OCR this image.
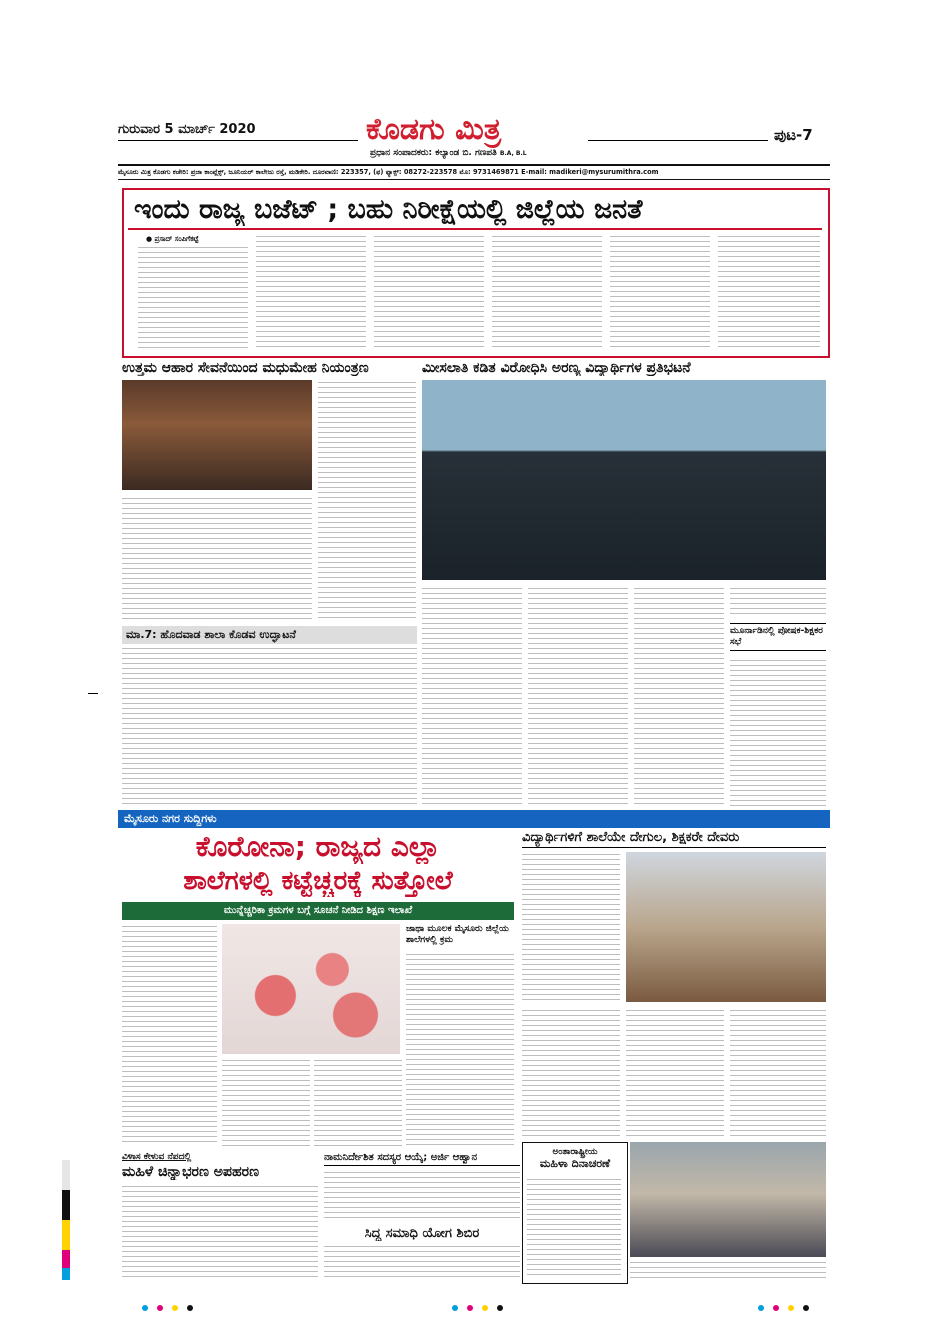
ಗುರುವಾರ 5 ಮಾರ್ಚ್ 2020	ಕೊಡಗು ಮಿತ್ರ	ಪುಟ-7
ಪ್ರಧಾನ ಸಂಪಾದಕರು: ಕಲ್ಯಾಂಡ ಬಿ. ಗಣಪತಿ B.A, B.L
ಮೈಸೂರು ಮಿತ್ರ ಕೊಡಗು ಕಚೇರಿ: ಪ್ರಜಾ ಕಾಂಪ್ಲೆಕ್ಸ್, ಜೂನಿಯರ್ ಕಾಲೇಜು ರಸ್ತೆ, ಮಡಿಕೇರಿ. ದೂರವಾಣಿ: 223357, (ಫ) ಫ್ಯಾಕ್ಸ್: 08272-223578 ಮೊ: 9731469871 E-mail: madikeri@mysurumithra.com
ಇಂದು ರಾಜ್ಯ ಬಜೆಟ್ ; ಬಹು ನಿರೀಕ್ಷೆಯಲ್ಲಿ ಜಿಲ್ಲೆಯ ಜನತೆ
● ಪ್ರಸಾದ್ ಸಂಪಿಗೆಕಟ್ಟೆ
ಉತ್ತಮ ಆಹಾರ ಸೇವನೆಯಿಂದ ಮಧುಮೇಹ ನಿಯಂತ್ರಣ	ಮೀಸಲಾತಿ ಕಡಿತ ವಿರೋಧಿಸಿ ಅರಣ್ಯ ವಿದ್ಯಾರ್ಥಿಗಳ ಪ್ರತಿಭಟನೆ
ಮೂರ್ನಾಡಿನಲ್ಲಿ ಪೋಷಕ-ಶಿಕ್ಷಕರ ಸಭೆ
ಮಾ.7: ಹೊದವಾಡ ಶಾಲಾ ಕೊಡವ ಉದ್ಘಾಟನೆ
ಮೈಸೂರು ನಗರ ಸುದ್ದಿಗಳು
ಕೊರೋನಾ; ರಾಜ್ಯದ ಎಲ್ಲಾ
ಶಾಲೆಗಳಲ್ಲಿ ಕಟ್ಟೆಚ್ಚರಕ್ಕೆ ಸುತ್ತೋಲೆ
ಮುನ್ನೆಚ್ಚರಿಕಾ ಕ್ರಮಗಳ ಬಗ್ಗೆ ಸೂಚನೆ ನೀಡಿದ ಶಿಕ್ಷಣ ಇಲಾಖೆ
ಜಾಥಾ ಮೂಲಕ ಮೈಸೂರು ಜಿಲ್ಲೆಯ ಶಾಲೆಗಳಲ್ಲಿ ಕ್ರಮ
ವಿದ್ಯಾರ್ಥಿಗಳಿಗೆ ಶಾಲೆಯೇ ದೇಗುಲ, ಶಿಕ್ಷಕರೇ ದೇವರು
ವಿಳಾಸ ಕೇಳುವ ನೆಪದಲ್ಲಿ
ಮಹಿಳೆ ಚಿನ್ನಾಭರಣ ಅಪಹರಣ
ನಾಮನಿರ್ದೇಶಿತ ಸದಸ್ಯರ ಆಯ್ಕೆ; ಅರ್ಜಿ ಆಹ್ವಾನ
ಸಿದ್ಧ ಸಮಾಧಿ ಯೋಗ ಶಿಬಿರ
ಅಂತಾರಾಷ್ಟ್ರೀಯ
ಮಹಿಳಾ ದಿನಾಚರಣೆ
